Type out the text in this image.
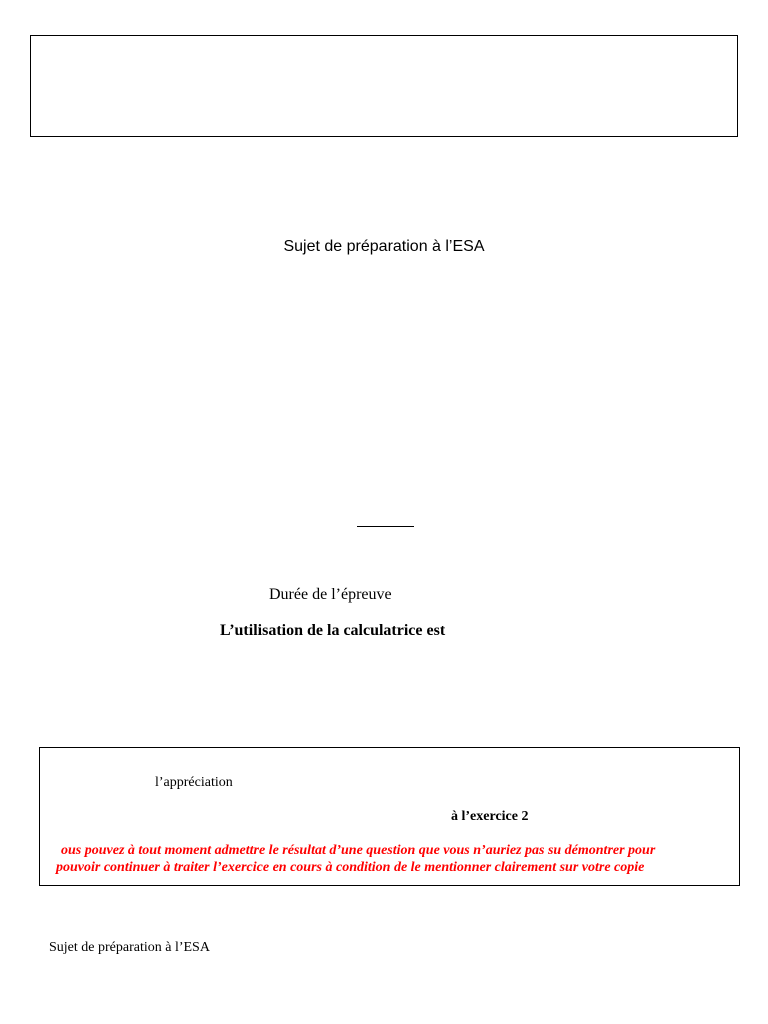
Sujet de préparation à l’ESA
Durée de l’épreuve
L’utilisation de la calculatrice est
l’appréciation
à l’exercice 2
ous pouvez à tout moment admettre le résultat d’une question que vous n’auriez pas su démontrer pour
pouvoir continuer à traiter l’exercice en cours à condition de le mentionner clairement sur votre copie
Sujet de préparation à l’ESA
